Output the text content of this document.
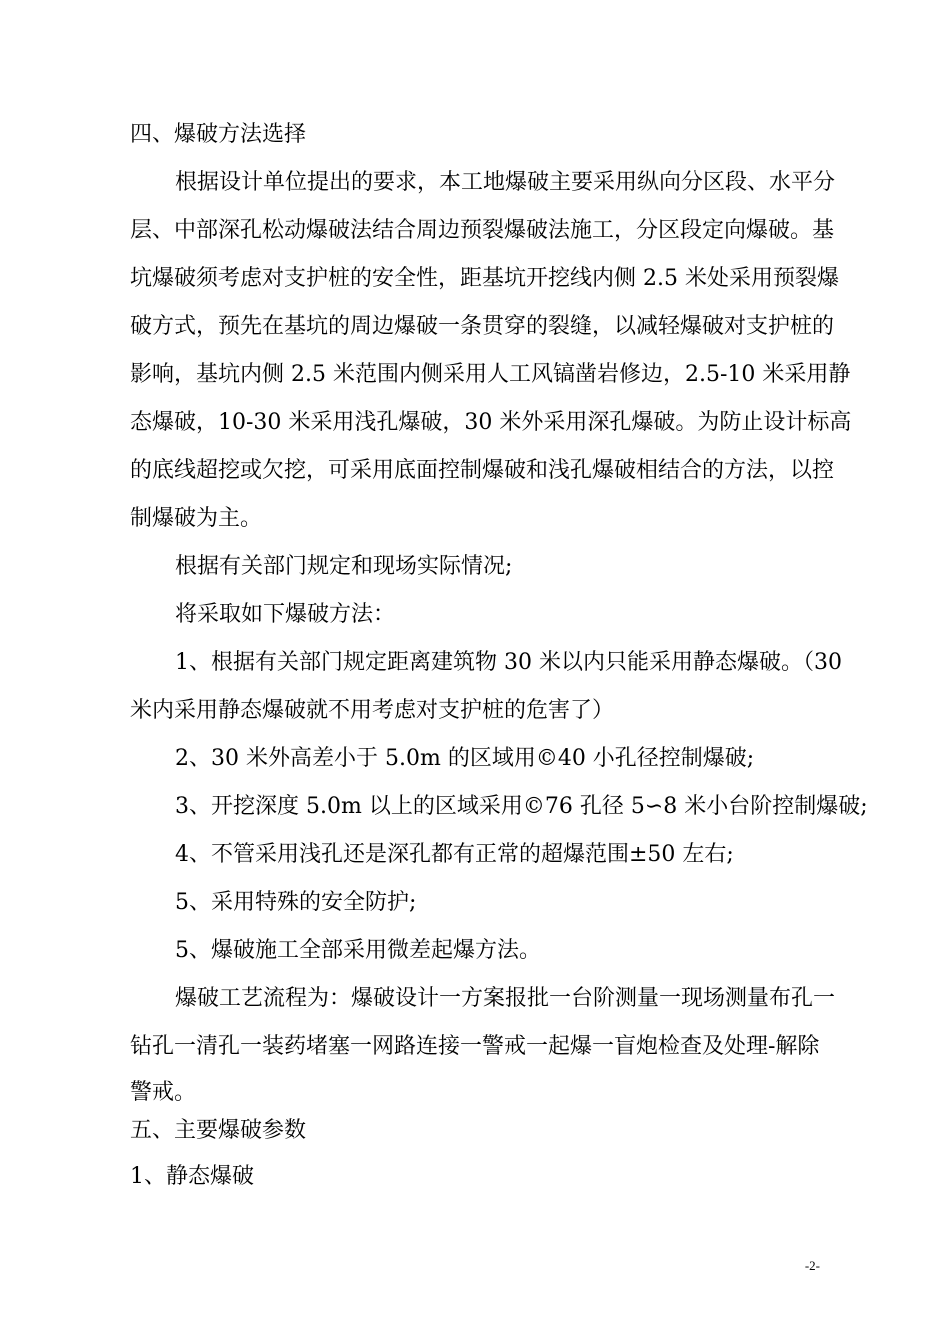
四、爆破方法选择
根据设计单位提出的要求，本工地爆破主要采用纵向分区段、水平分
层、中部深孔松动爆破法结合周边预裂爆破法施工，分区段定向爆破。基
坑爆破须考虑对支护桩的安全性，距基坑开挖线内侧 2.5 米处采用预裂爆
破方式，预先在基坑的周边爆破一条贯穿的裂缝，以减轻爆破对支护桩的
影响，基坑内侧 2.5 米范围内侧采用人工风镐凿岩修边，2.5-10 米采用静
态爆破，10-30 米采用浅孔爆破，30 米外采用深孔爆破。为防止设计标高
的底线超挖或欠挖，可采用底面控制爆破和浅孔爆破相结合的方法，以控
制爆破为主。
根据有关部门规定和现场实际情况;
将采取如下爆破方法：
1、根据有关部门规定距离建筑物 30 米以内只能采用静态爆破。（30
米内采用静态爆破就不用考虑对支护桩的危害了）
2、30 米外高差小于 5.0m 的区域用©40 小孔径控制爆破;
3、开挖深度 5.0m 以上的区域采用©76 孔径 5∽8 米小台阶控制爆破;
4、不管采用浅孔还是深孔都有正常的超爆范围±50 左右;
5、采用特殊的安全防护;
5、爆破施工全部采用微差起爆方法。
爆破工艺流程为：爆破设计一方案报批一台阶测量一现场测量布孔一
钻孔一清孔一装药堵塞一网路连接一警戒一起爆一盲炮检查及处理-解除
警戒。
五、主要爆破参数
1、静态爆破
-2-
